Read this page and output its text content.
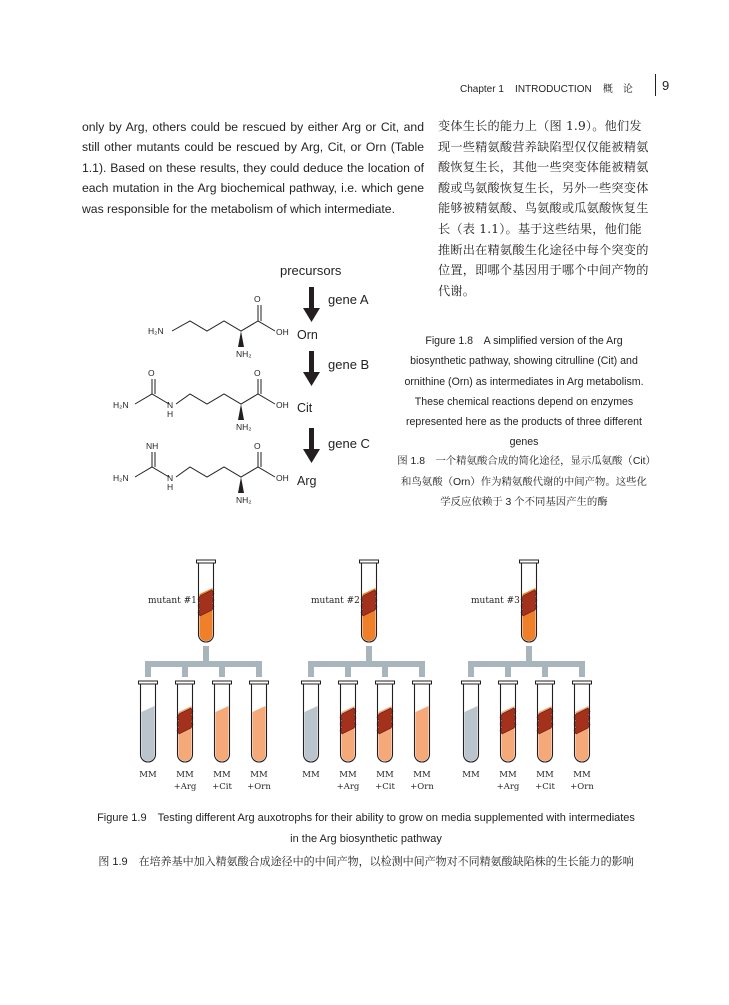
Chapter 1 INTRODUCTION 概　论 9
only by Arg, others could be rescued by either Arg or Cit, and still other mutants could be rescued by Arg, Cit, or Orn (Table 1.1). Based on these results, they could deduce the location of each mutation in the Arg biochemical pathway, i.e. which gene was responsible for the metabolism of which intermediate.
变体生长的能力上（图 1.9）。他们发现一些精氨酸营养缺陷型仅仅能被精氨酸恢复生长，其他一些突变体能被精氨酸或鸟氨酸恢复生长，另外一些突变体能够被精氨酸、鸟氨酸或瓜氨酸恢复生长（表 1.1）。基于这些结果，他们能推断出在精氨酸生化途径中每个突变的位置，即哪个基因用于哪个中间产物的代谢。
precursors
gene A
gene B
gene C
Orn
Cit
Arg
O
OH
NH₂
H₂N
O	O
H₂N	N
H
OH
NH₂
NH	O
H₂N	N
H
OH
NH₂
mutant #1
MM MM
+Arg
MM
+Cit
MM
+Orn
mutant #2
MM MM
+Arg
MM
+Cit
MM
+Orn
mutant #3
MM MM
+Arg
MM
+Cit
MM
+Orn
Figure 1.8　A simplified version of the Arg biosynthetic pathway, showing citrulline (Cit) and ornithine (Orn) as intermediates in Arg metabolism. These chemical reactions depend on enzymes represented here as the products of three different genes
图 1.8　一个精氨酸合成的简化途径，显示瓜氨酸（Cit）和鸟氨酸（Orn）作为精氨酸代谢的中间产物。这些化学反应依赖于 3 个不同基因产生的酶
Figure 1.9　Testing different Arg auxotrophs for their ability to grow on media supplemented with intermediates in the Arg biosynthetic pathway
图 1.9　在培养基中加入精氨酸合成途径中的中间产物，以检测中间产物对不同精氨酸缺陷株的生长能力的影响
